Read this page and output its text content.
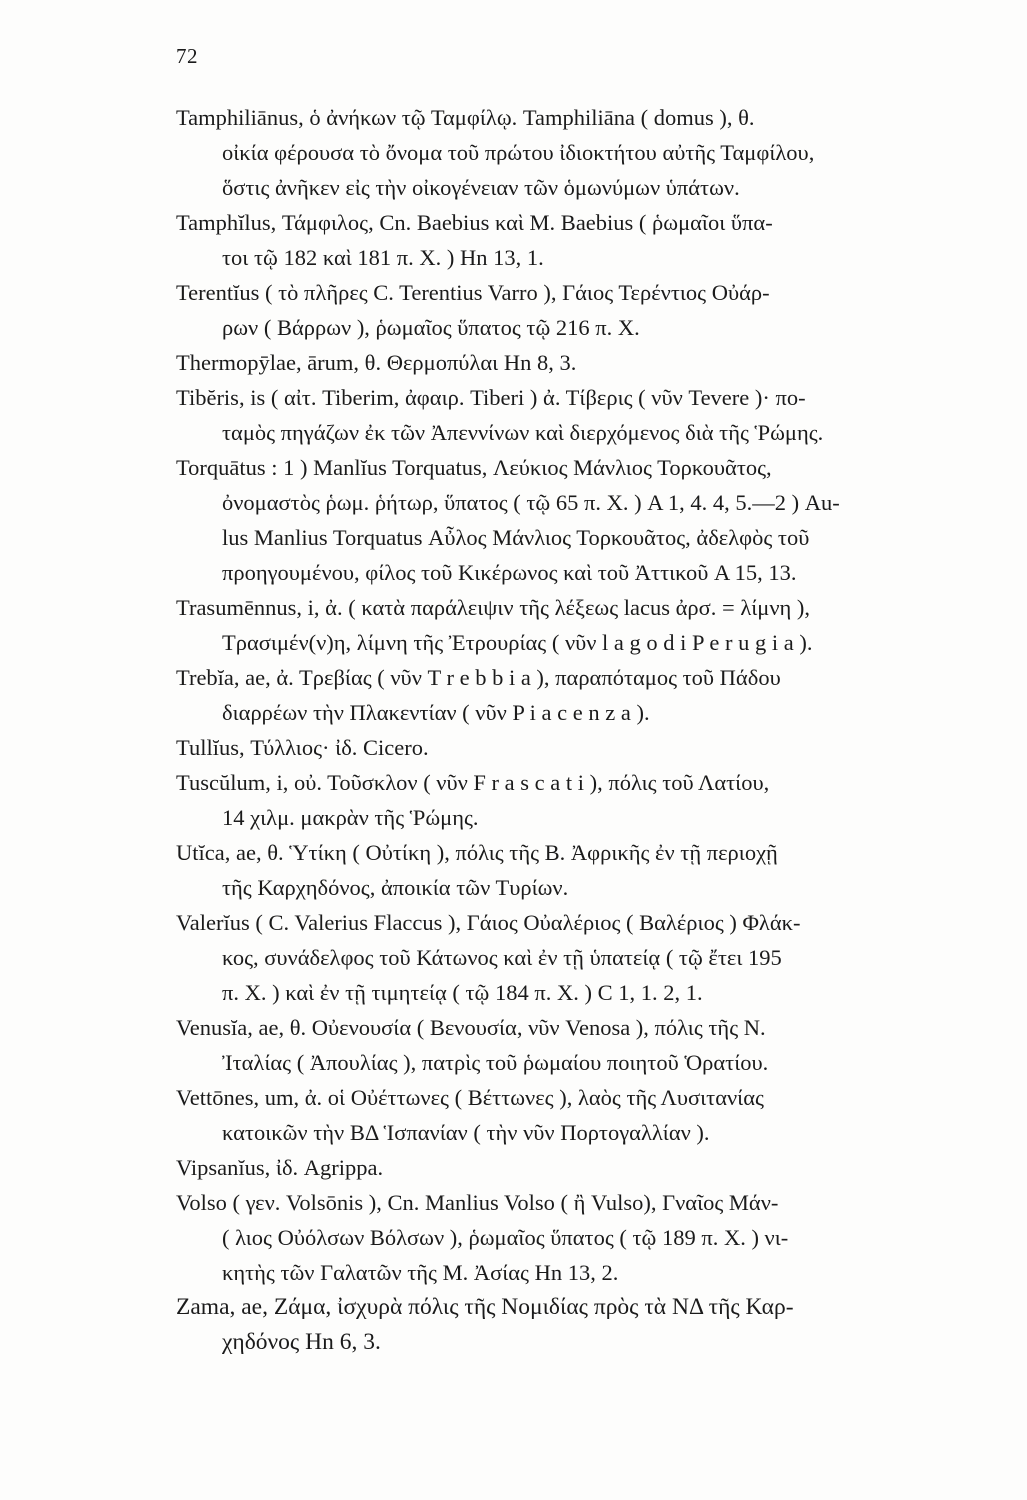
72
Tamphiliānus, ὁ ἀνήκων τῷ Ταμφίλῳ. Tamphiliāna ( domus ), θ.
οἰκία φέρουσα τὸ ὄνομα τοῦ πρώτου ἰδιοκτήτου αὐτῆς Ταμφίλου,
ὅστις ἀνῆκεν εἰς τὴν οἰκογένειαν τῶν ὁμωνύμων ὑπάτων.
Tamphĭlus, Τάμφιλος, Cn. Baebius καὶ M. Baebius ( ῥωμαῖοι ὕπα-
τοι τῷ 182 καὶ 181 π. Χ. ) Hn 13, 1.
Terentĭus ( τὸ πλῆρες C. Terentius Varro ), Γάιος Τερέντιος Οὐάρ-
ρων ( Βάρρων ), ῥωμαῖος ὕπατος τῷ 216 π. Χ.
Thermopȳlae, ārum, θ. Θερμοπύλαι Hn 8, 3.
Tibĕris, is ( αἰτ. Tiberim, ἀφαιρ. Tiberi ) ἀ. Τίβερις ( νῦν Tevere )· πο-
ταμὸς πηγάζων ἐκ τῶν Ἀπεννίνων καὶ διερχόμενος διὰ τῆς Ῥώμης.
Torquātus : 1 ) Manlĭus Torquatus, Λεύκιος Μάνλιος Τορκουᾶτος,
ὀνομαστὸς ῥωμ. ῥήτωρ, ὕπατος ( τῷ 65 π. Χ. ) A 1, 4. 4, 5.—2 ) Au-
lus Manlius Torquatus Αὖλος Μάνλιος Τορκουᾶτος, ἀδελφὸς τοῦ
προηγουμένου, φίλος τοῦ Κικέρωνος καὶ τοῦ Ἀττικοῦ A 15, 13.
Trasumēnnus, i, ἀ. ( κατὰ παράλειψιν τῆς λέξεως lacus ἀρσ. = λίμνη ),
Τρασιμέν(ν)η, λίμνη τῆς Ἐτρουρίας ( νῦν l a g o d i P e r u g i a ).
Trebĭa, ae, ἀ. Τρεβίας ( νῦν T r e b b i a ), παραπόταμος τοῦ Πάδου
διαρρέων τὴν Πλακεντίαν ( νῦν P i a c e n z a ).
Tullĭus, Τύλλιος· ἰδ. Cicero.
Tuscŭlum, i, οὐ. Τοῦσκλον ( νῦν F r a s c a t i ), πόλις τοῦ Λατίου,
14 χιλμ. μακρὰν τῆς Ῥώμης.
Utĭca, ae, θ. Ὑτίκη ( Οὐτίκη ), πόλις τῆς Β. Ἀφρικῆς ἐν τῇ περιοχῇ
τῆς Καρχηδόνος, ἀποικία τῶν Τυρίων.
Valerĭus ( C. Valerius Flaccus ), Γάιος Οὐαλέριος ( Βαλέριος ) Φλάκ-
κος, συνάδελφος τοῦ Κάτωνος καὶ ἐν τῇ ὑπατείᾳ ( τῷ ἔτει 195
π. Χ. ) καὶ ἐν τῇ τιμητείᾳ ( τῷ 184 π. Χ. ) C 1, 1. 2, 1.
Venusĭa, ae, θ. Οὐενουσία ( Βενουσία, νῦν Venosa ), πόλις τῆς Ν.
Ἰταλίας ( Ἀπουλίας ), πατρὶς τοῦ ῥωμαίου ποιητοῦ Ὁρατίου.
Vettōnes, um, ἀ. οἱ Οὐέττωνες ( Βέττωνες ), λαὸς τῆς Λυσιτανίας
κατοικῶν τὴν ΒΔ Ἱσπανίαν ( τὴν νῦν Πορτογαλλίαν ).
Vipsanĭus, ἰδ. Agrippa.
Volso ( γεν. Volsōnis ), Cn. Manlius Volso ( ἢ Vulso), Γναῖος Μάν-
( λιος Οὐόλσων Βόλσων ), ῥωμαῖος ὕπατος ( τῷ 189 π. Χ. ) νι-
κητὴς τῶν Γαλατῶν τῆς Μ. Ἀσίας Hn 13, 2.
Zama, ae, Ζάμα, ἰσχυρὰ πόλις τῆς Νομιδίας πρὸς τὰ ΝΔ τῆς Καρ-
χηδόνος Hn 6, 3.
